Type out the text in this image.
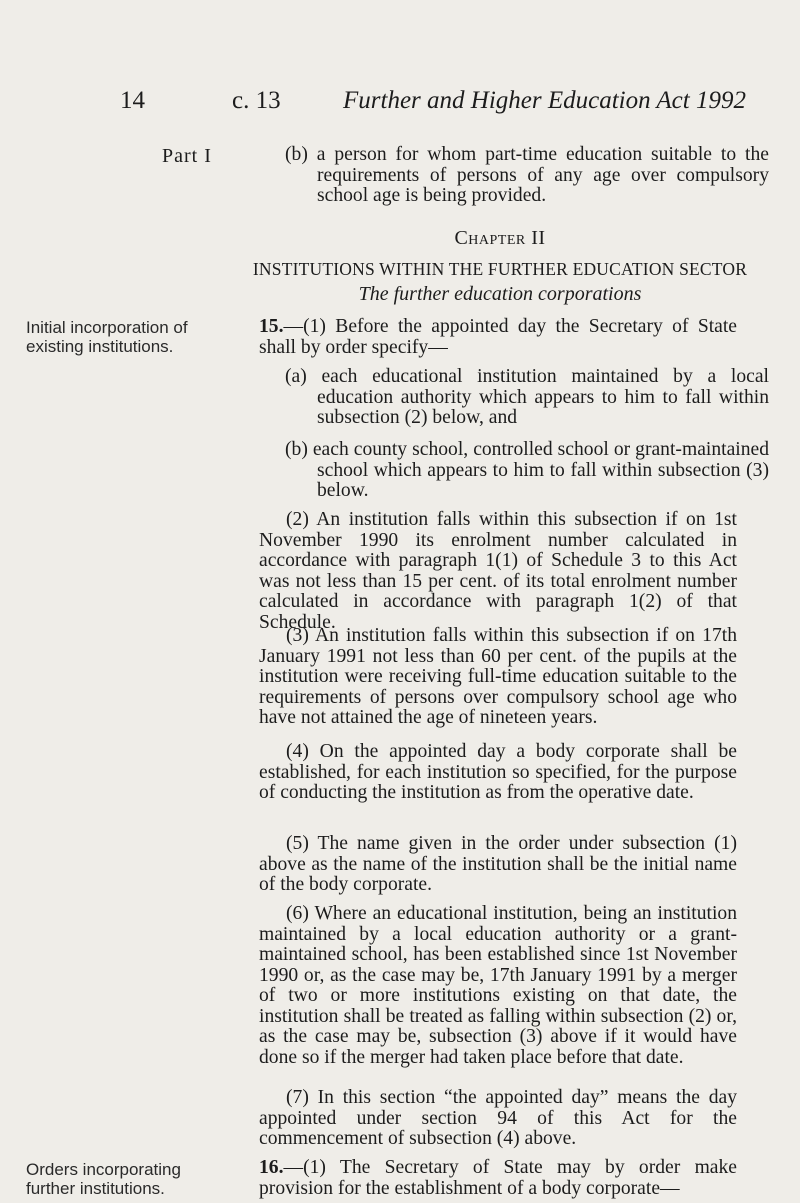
14	c. 13 Further and Higher Education Act 1992
Part I	(b) a person for whom part-time education suitable to the requirements of persons of any age over compulsory school age is being provided.
Chapter II
INSTITUTIONS WITHIN THE FURTHER EDUCATION SECTOR
The further education corporations
Initial incorporation of existing institutions.

15.—(1) Before the appointed day the Secretary of State shall by order specify—

(a) each educational institution maintained by a local education authority which appears to him to fall within subsection (2) below, and
(b) each county school, controlled school or grant-maintained school which appears to him to fall within subsection (3) below.
(2) An institution falls within this subsection if on 1st November 1990 its enrolment number calculated in accordance with paragraph 1(1) of Schedule 3 to this Act was not less than 15 per cent. of its total enrolment number calculated in accordance with paragraph 1(2) of that Schedule.
(3) An institution falls within this subsection if on 17th January 1991 not less than 60 per cent. of the pupils at the institution were receiving full-time education suitable to the requirements of persons over compulsory school age who have not attained the age of nineteen years.
(4) On the appointed day a body corporate shall be established, for each institution so specified, for the purpose of conducting the institution as from the operative date.
(5) The name given in the order under subsection (1) above as the name of the institution shall be the initial name of the body corporate.
(6) Where an educational institution, being an institution maintained by a local education authority or a grant-maintained school, has been established since 1st November 1990 or, as the case may be, 17th January 1991 by a merger of two or more institutions existing on that date, the institution shall be treated as falling within subsection (2) or, as the case may be, subsection (3) above if it would have done so if the merger had taken place before that date.
(7) In this section “the appointed day” means the day appointed under section 94 of this Act for the commencement of subsection (4) above.
Orders incorporating further institutions.

16.—(1) The Secretary of State may by order make provision for the establishment of a body corporate—
